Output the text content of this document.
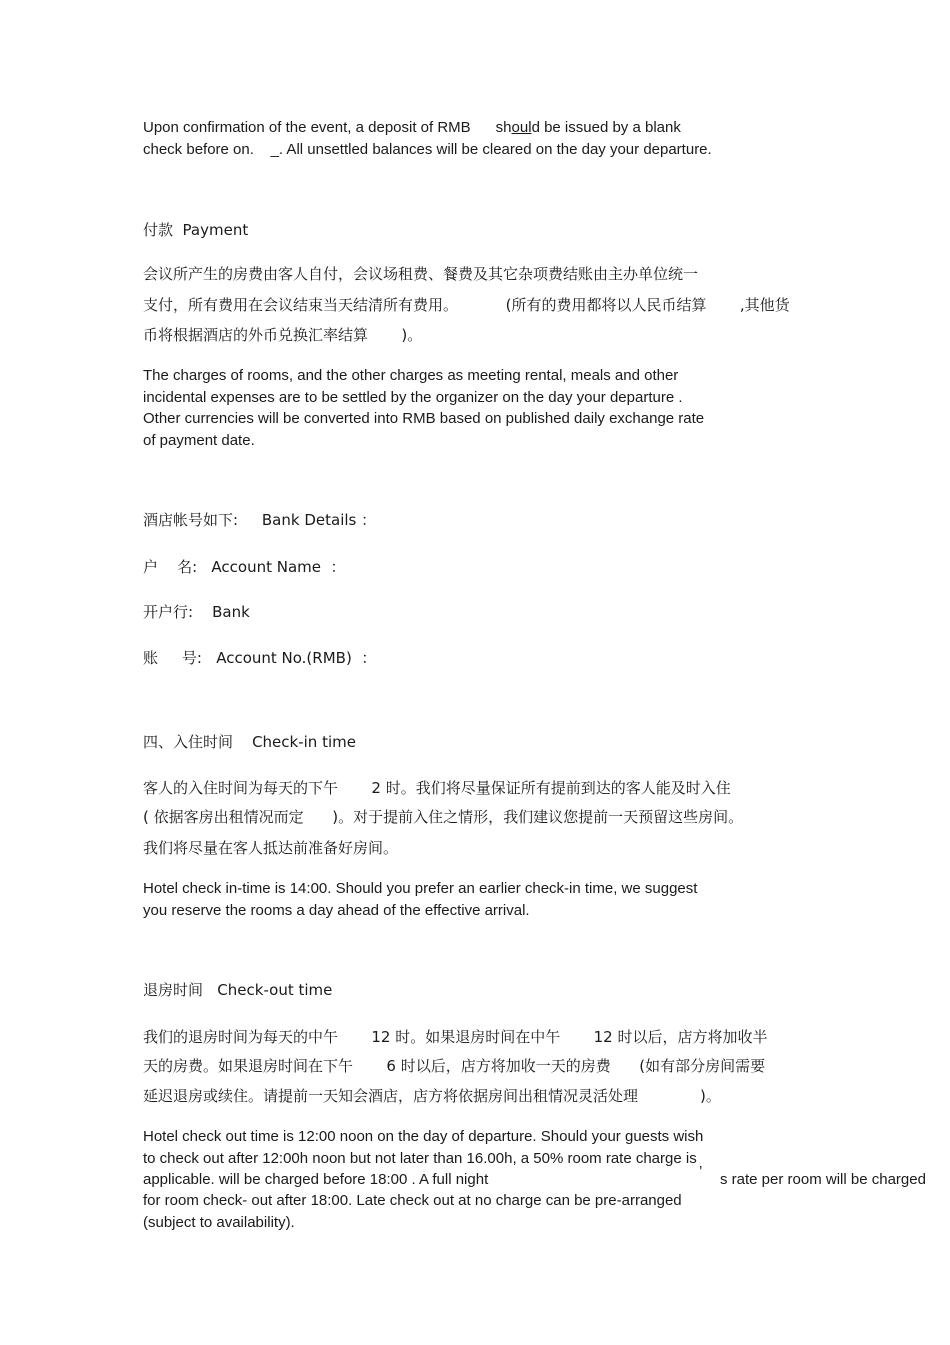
Upon confirmation of the event, a deposit of RMB      should be issued by a blank

check before on.    _. All unsettled balances will be cleared on the day your departure.

付款  Payment

会议所产生的房费由客人自付，会议场租费、餐费及其它杂项费结账由主办单位统一

支付，所有费用在会议结束当天结清所有费用。          (所有的费用都将以人民币结算       ,其他货

币将根据酒店的外币兑换汇率结算       )。

The charges of rooms, and the other charges as meeting rental, meals and other

incidental expenses are to be settled by the organizer on the day your departure .

Other currencies will be converted into RMB based on published daily exchange rate

of payment date.

酒店帐号如下:     Bank Details ：

户    名:   Account Name  ：

开户行:    Bank

账     号:   Account No.(RMB)  ：

四、入住时间    Check-in time

客人的入住时间为每天的下午       2 时。我们将尽量保证所有提前到达的客人能及时入住

( 依据客房出租情况而定      )。对于提前入住之情形，我们建议您提前一天预留这些房间。

我们将尽量在客人抵达前准备好房间。

Hotel check in-time is 14:00. Should you prefer an earlier check-in time, we suggest

you reserve the rooms a day ahead of the effective arrival.

退房时间   Check-out time

我们的退房时间为每天的中午       12 时。如果退房时间在中午       12 时以后，店方将加收半

天的房费。如果退房时间在下午       6 时以后，店方将加收一天的房费      (如有部分房间需要

延迟退房或续住。请提前一天知会酒店，店方将依据房间出租情况灵活处理             )。

Hotel check out time is 12:00 noon on the day of departure. Should your guests wish

to check out after 12:00h noon but not later than 16.00h, a 50% room rate charge is

applicable. will be charged before 18:00 . A full night	’ s rate per room will be charged

for room check- out after 18:00. Late check out at no charge can be pre-arranged

(subject to availability).
